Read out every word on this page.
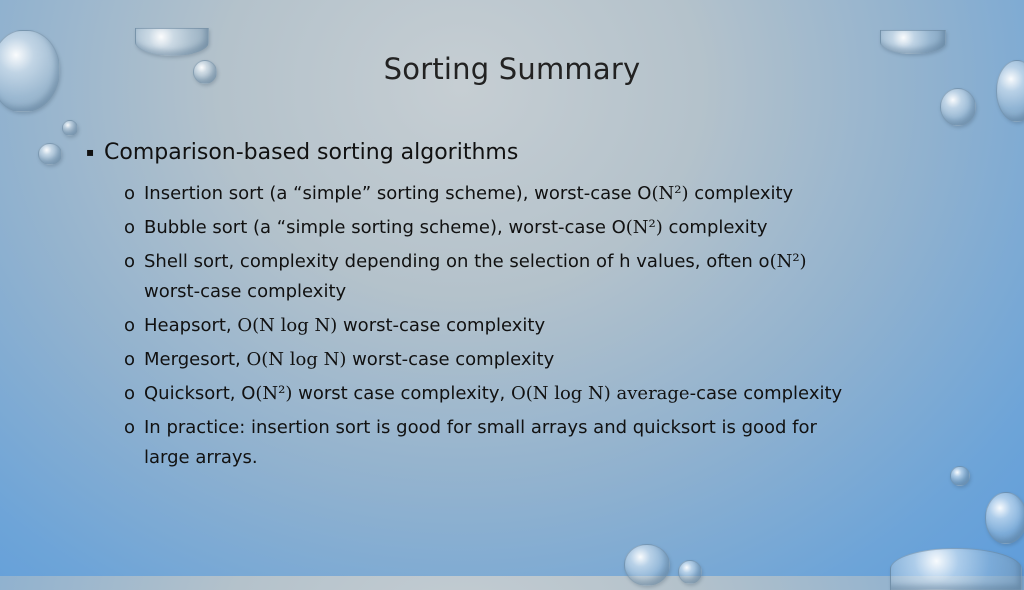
Sorting Summary
▪ Comparison-based sorting algorithms
o Insertion sort (a “simple” sorting scheme), worst-case O(N²) complexity
o Bubble sort (a “simple sorting scheme), worst-case O(N²) complexity
o Shell sort, complexity depending on the selection of h values, often o(N²)
worst-case complexity
o Heapsort, O(N log N) worst-case complexity
o Mergesort, O(N log N) worst-case complexity
o Quicksort, O(N²) worst case complexity, O(N log N) average-case complexity
o In practice: insertion sort is good for small arrays and quicksort is good for
large arrays.
